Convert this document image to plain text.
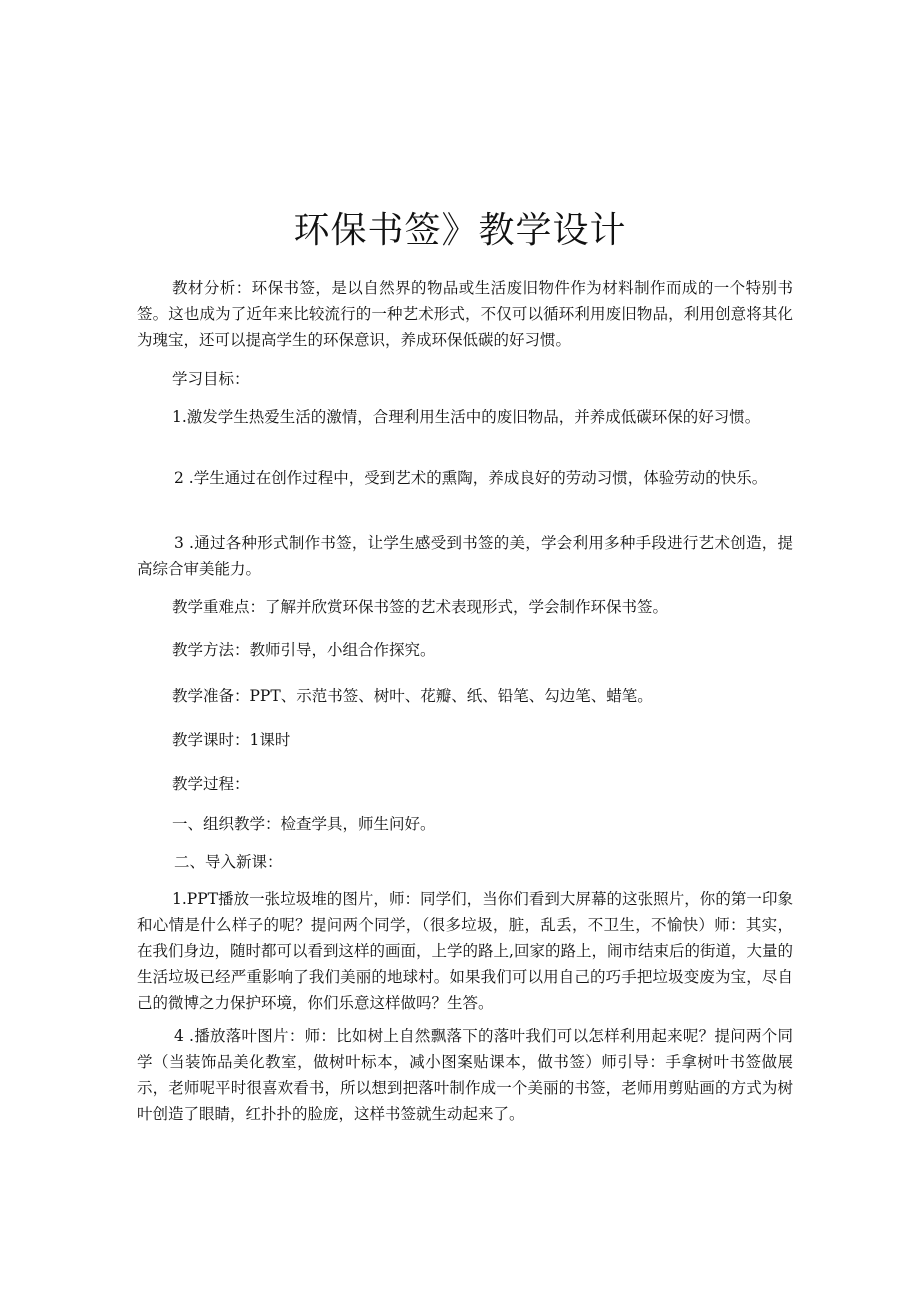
环保书签》教学设计

教材分析：环保书签，是以自然界的物品或生活废旧物件作为材料制作而成的一个特别书签。这也成为了近年来比较流行的一种艺术形式，不仅可以循环利用废旧物品，利用创意将其化为瑰宝，还可以提高学生的环保意识，养成环保低碳的好习惯。

学习目标：

1.激发学生热爱生活的激情，合理利用生活中的废旧物品，并养成低碳环保的好习惯。

2 .学生通过在创作过程中，受到艺术的熏陶，养成良好的劳动习惯，体验劳动的快乐。

3 .通过各种形式制作书签，让学生感受到书签的美，学会利用多种手段进行艺术创造，提高综合审美能力。

教学重难点：了解并欣赏环保书签的艺术表现形式，学会制作环保书签。

教学方法：教师引导，小组合作探究。

教学准备：PPT、示范书签、树叶、花瓣、纸、铅笔、勾边笔、蜡笔。

教学课时：1课时

教学过程：

一、组织教学：检查学具，师生问好。

二、导入新课：

1.PPT播放一张垃圾堆的图片，师：同学们，当你们看到大屏幕的这张照片，你的第一印象和心情是什么样子的呢？提问两个同学，（很多垃圾，脏，乱丢，不卫生，不愉快）师：其实，在我们身边，随时都可以看到这样的画面，上学的路上,回家的路上，闹市结束后的街道，大量的生活垃圾已经严重影响了我们美丽的地球村。如果我们可以用自己的巧手把垃圾变废为宝，尽自己的微博之力保护环境，你们乐意这样做吗？生答。

4 .播放落叶图片：师：比如树上自然飘落下的落叶我们可以怎样利用起来呢？提问两个同学（当装饰品美化教室，做树叶标本，减小图案贴课本，做书签）师引导：手拿树叶书签做展示，老师呢平时很喜欢看书，所以想到把落叶制作成一个美丽的书签，老师用剪贴画的方式为树叶创造了眼睛，红扑扑的脸庞，这样书签就生动起来了。
